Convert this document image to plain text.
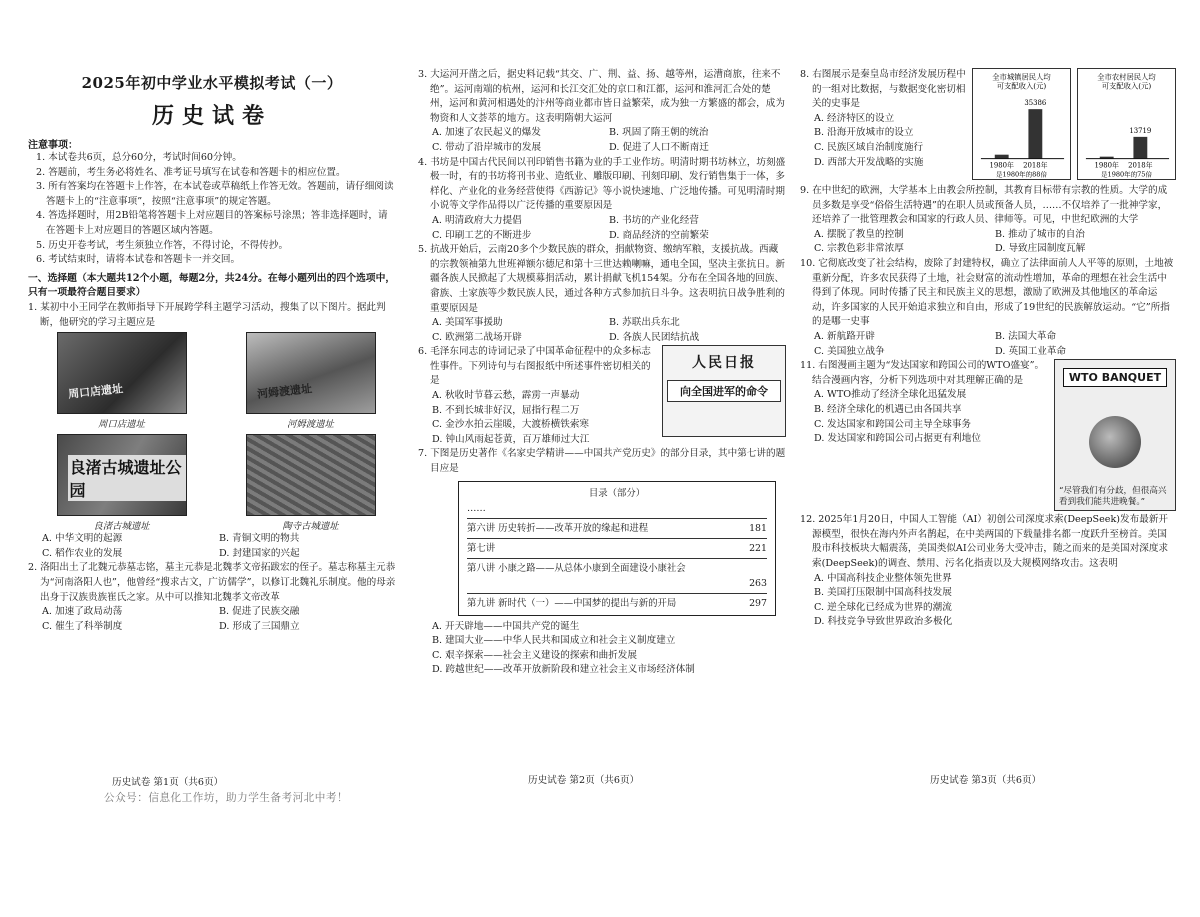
2025年初中学业水平模拟考试（一）
历史试卷
注意事项：
1. 本试卷共6页，总分60分，考试时间60分钟。
2. 答题前，考生务必将姓名、准考证号填写在试卷和答题卡的相应位置。
3. 所有答案均在答题卡上作答，在本试卷或草稿纸上作答无效。答题前，请仔细阅读答题卡上的“注意事项”，按照“注意事项”的规定答题。
4. 答选择题时，用2B铅笔将答题卡上对应题目的答案标号涂黑；答非选择题时，请在答题卡上对应题目的答题区域内答题。
5. 历史开卷考试，考生须独立作答，不得讨论，不得传抄。
6. 考试结束时，请将本试卷和答题卡一并交回。
一、选择题（本大题共12个小题，每题2分，共24分。在每小题列出的四个选项中，只有一项最符合题目要求）
1. 某初中小王同学在教师指导下开展跨学科主题学习活动，搜集了以下图片。据此判断，他研究的学习主题应是
周口店遗址
周口店遗址
河姆渡遗址
河姆渡遗址
良渚古城遗址公园
良渚古城遗址	陶寺古城遗址
A. 中华文明的起源	B. 青铜文明的物共
C. 稻作农业的发展	D. 封建国家的兴起
2. 洛阳出土了北魏元恭墓志铭，墓主元恭是北魏孝文帝拓跋宏的侄子。墓志称墓主元恭为“河南洛阳人也”，他曾经“搜求古文，广访儒学”，以修订北魏礼乐制度。他的母亲出身于汉族贵族崔氏之家。从中可以推知北魏孝文帝改革
A. 加速了政局动荡	B. 促进了民族交融
C. 催生了科举制度	D. 形成了三国鼎立
历史试卷 第1页（共6页）
公众号：信息化工作坊，助力学生备考河北中考！
3. 大运河开凿之后，据史料记载“其交、广、荆、益、扬、越等州，运漕商旅，往来不绝”。运河南端的杭州，运河和长江交汇处的京口和江都，运河和淮河汇合处的楚州，运河和黄河相遇处的汴州等商业都市皆日益繁荣，成为独一方繁盛的都会，成为物资和人文荟萃的地方。这表明隋朝大运河
A. 加速了农民起义的爆发	B. 巩固了隋王朝的统治
C. 带动了沿岸城市的发展	D. 促进了人口不断南迁
4. 书坊是中国古代民间以刊印销售书籍为业的手工业作坊。明清时期书坊林立，坊刻盛极一时，有的书坊将刊书业、造纸业、雕版印刷、刊刻印刷、发行销售集于一体，多样化、产业化的业务经营使得《西游记》等小说快速地、广泛地传播。可见明清时期小说等文学作品得以广泛传播的重要原因是
A. 明清政府大力提倡	B. 书坊的产业化经营
C. 印刷工艺的不断进步	D. 商品经济的空前繁荣
5. 抗战开始后，云南20多个少数民族的群众，捐献物资、缴纳军粮，支援抗战。西藏的宗教领袖第九世班禅额尔德尼和第十三世达赖喇嘛，通电全国，坚决主张抗日。新疆各族人民掀起了大规模募捐活动，累计捐献飞机154架。分布在全国各地的回族、畲族、土家族等少数民族人民，通过各种方式参加抗日斗争。这表明抗日战争胜利的重要原因是
A. 美国军事援助	B. 苏联出兵东北
C. 欧洲第二战场开辟	D. 各族人民团结抗战
人民日报
向全国进军的命令
6. 毛泽东同志的诗词记录了中国革命征程中的众多标志性事件。下列诗句与右图报纸中所述事件密切相关的是
A. 秋收时节暮云愁，霹雳一声暴动
B. 不到长城非好汉，屈指行程二万
C. 金沙水拍云崖暖，大渡桥横铁索寒
D. 钟山风雨起苍黄，百万雄师过大江
7. 下图是历史著作《名家史学精讲——中国共产党历史》的部分目录，其中第七讲的题目应是
目录（部分）
……
第六讲 历史转折——改革开放的缘起和进程	181
第七讲	221
第八讲 小康之路——从总体小康到全面建设小康社会
263
第九讲 新时代（一）——中国梦的提出与新的开局	297
A. 开天辟地——中国共产党的诞生
B. 建国大业——中华人民共和国成立和社会主义制度建立
C. 艰辛探索——社会主义建设的探索和曲折发展
D. 跨越世纪——改革开放新阶段和建立社会主义市场经济体制
历史试卷 第2页（共6页）
全市城镇居民人均
可支配收入(元)
35386
1980年 2018年
是1980年的88倍
全市农村居民人均
可支配收入(元)
13719
1980年 2018年
是1980年的75倍
8. 右图展示是秦皇岛市经济发展历程中的一组对比数据，与数据变化密切相关的史事是
A. 经济特区的设立
B. 沿海开放城市的设立
C. 民族区域自治制度施行
D. 西部大开发战略的实施
9. 在中世纪的欧洲，大学基本上由教会所控制，其教育目标带有宗教的性质。大学的成员多数是享受“俗俗生活特遇”的在职人员或预备人员，……不仅培养了一批神学家，还培养了一批管理教会和国家的行政人员、律师等。可见，中世纪欧洲的大学
A. 摆脱了教皇的控制	B. 推动了城市的自治
C. 宗教色彩非常浓厚	D. 导致庄园制度瓦解
10. 它彻底改变了社会结构，废除了封建特权，确立了法律面前人人平等的原则，土地被重新分配，许多农民获得了土地，社会财富的流动性增加，革命的理想在社会生活中得到了体现。同时传播了民主和民族主义的思想，激励了欧洲及其他地区的革命运动，许多国家的人民开始追求独立和自由，形成了19世纪的民族解放运动。“它”所指的是哪一史事
A. 新航路开辟	B. 法国大革命
C. 美国独立战争	D. 英国工业革命
WTO BANQUET
“尽管我们有分歧，但很高兴看到我们能共进晚餐。”
11. 右图漫画主题为“发达国家和跨国公司的WTO盛宴”。结合漫画内容，分析下列选项中对其理解正确的是
A. WTO推动了经济全球化迅猛发展
B. 经济全球化的机遇已由各国共享
C. 发达国家和跨国公司主导全球事务
D. 发达国家和跨国公司占据更有利地位
12. 2025年1月20日，中国人工智能（AI）初创公司深度求索(DeepSeek)发布最新开源模型，很快在海内外声名鹊起，在中美两国的下载量排名都一度跃升至榜首。美国股市科技板块大幅震荡，美国类似AI公司业务大受冲击，随之而来的是美国对深度求索(DeepSeek)的调查、禁用、污名化指责以及大规模网络攻击。这表明
A. 中国高科技企业整体领先世界
B. 美国打压限制中国高科技发展
C. 逆全球化已经成为世界的潮流
D. 科技竞争导致世界政治多极化
历史试卷 第3页（共6页）
